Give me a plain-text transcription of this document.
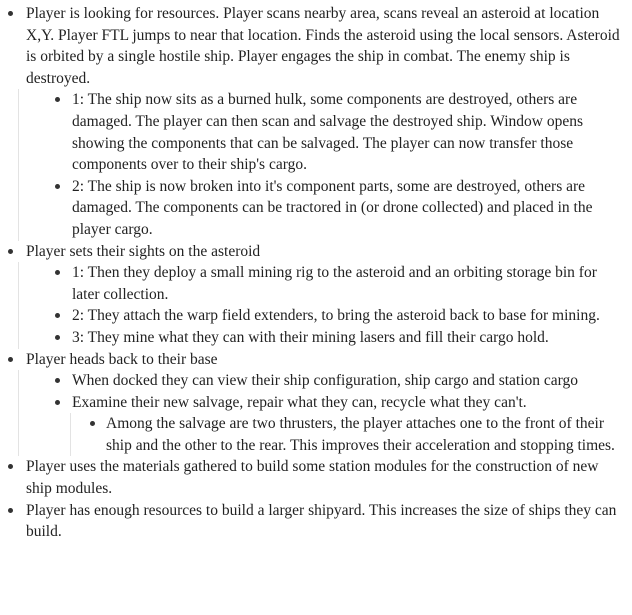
Player is looking for resources. Player scans nearby area, scans reveal an asteroid at location X,Y. Player FTL jumps to near that location. Finds the asteroid using the local sensors. Asteroid is orbited by a single hostile ship. Player engages the ship in combat. The enemy ship is destroyed.
1: The ship now sits as a burned hulk, some components are destroyed, others are damaged. The player can then scan and salvage the destroyed ship. Window opens showing the components that can be salvaged. The player can now transfer those components over to their ship's cargo.
2: The ship is now broken into it's component parts, some are destroyed, others are damaged. The components can be tractored in (or drone collected) and placed in the player cargo.
Player sets their sights on the asteroid
1: Then they deploy a small mining rig to the asteroid and an orbiting storage bin for later collection.
2: They attach the warp field extenders, to bring the asteroid back to base for mining.
3: They mine what they can with their mining lasers and fill their cargo hold.
Player heads back to their base
When docked they can view their ship configuration, ship cargo and station cargo
Examine their new salvage, repair what they can, recycle what they can't.
Among the salvage are two thrusters, the player attaches one to the front of their ship and the other to the rear. This improves their acceleration and stopping times.
Player uses the materials gathered to build some station modules for the construction of new ship modules.
Player has enough resources to build a larger shipyard. This increases the size of ships they can build.
